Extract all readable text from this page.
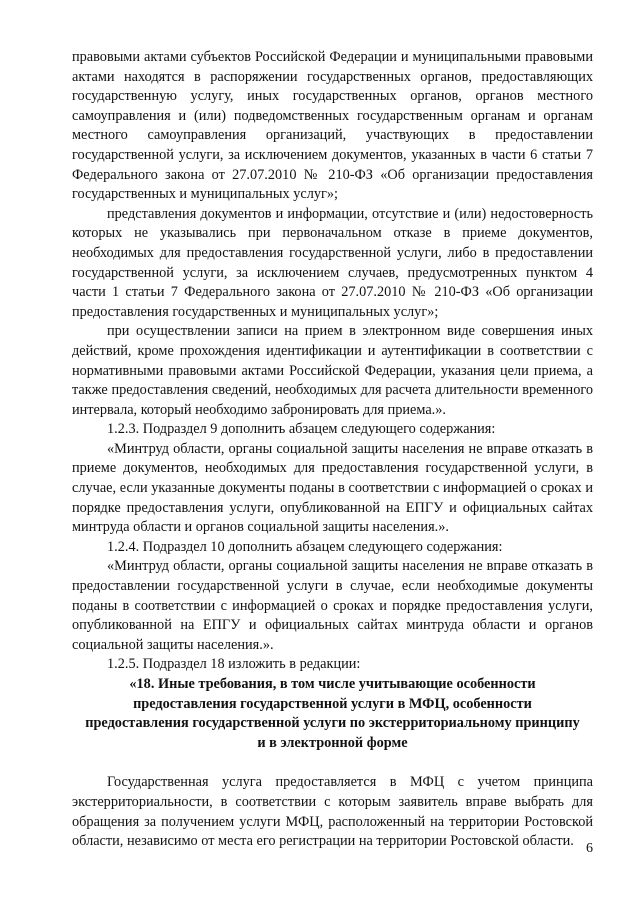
правовыми актами субъектов Российской Федерации и муниципальными правовыми актами находятся в распоряжении государственных органов, предоставляющих государственную услугу, иных государственных органов, органов местного самоуправления и (или) подведомственных государственным органам и органам местного самоуправления организаций, участвующих в предоставлении государственной услуги, за исключением документов, указанных в части 6 статьи 7 Федерального закона от 27.07.2010 № 210-ФЗ «Об организации предоставления государственных и муниципальных услуг»;

представления документов и информации, отсутствие и (или) недостоверность которых не указывались при первоначальном отказе в приеме документов, необходимых для предоставления государственной услуги, либо в предоставлении государственной услуги, за исключением случаев, предусмотренных пунктом 4 части 1 статьи 7 Федерального закона от 27.07.2010 № 210-ФЗ «Об организации предоставления государственных и муниципальных услуг»;

при осуществлении записи на прием в электронном виде совершения иных действий, кроме прохождения идентификации и аутентификации в соответствии с нормативными правовыми актами Российской Федерации, указания цели приема, а также предоставления сведений, необходимых для расчета длительности временного интервала, который необходимо забронировать для приема.».

1.2.3. Подраздел 9 дополнить абзацем следующего содержания:

«Минтруд области, органы социальной защиты населения не вправе отказать в приеме документов, необходимых для предоставления государственной услуги, в случае, если указанные документы поданы в соответствии с информацией о сроках и порядке предоставления услуги, опубликованной на ЕПГУ и официальных сайтах минтруда области и органов социальной защиты населения.».

1.2.4. Подраздел 10 дополнить абзацем следующего содержания:

«Минтруд области, органы социальной защиты населения не вправе отказать в предоставлении государственной услуги в случае, если необходимые документы поданы в соответствии с информацией о сроках и порядке предоставления услуги, опубликованной на ЕПГУ и официальных сайтах минтруда области и органов социальной защиты населения.».

1.2.5. Подраздел 18 изложить в редакции:

«18. Иные требования, в том числе учитывающие особенности

предоставления государственной услуги в МФЦ, особенности

предоставления государственной услуги по экстерриториальному принципу

и в электронной форме

Государственная услуга предоставляется в МФЦ с учетом принципа экстерриториальности, в соответствии с которым заявитель вправе выбрать для обращения за получением услуги МФЦ, расположенный на территории Ростовской области, независимо от места его регистрации на территории Ростовской области. 6
